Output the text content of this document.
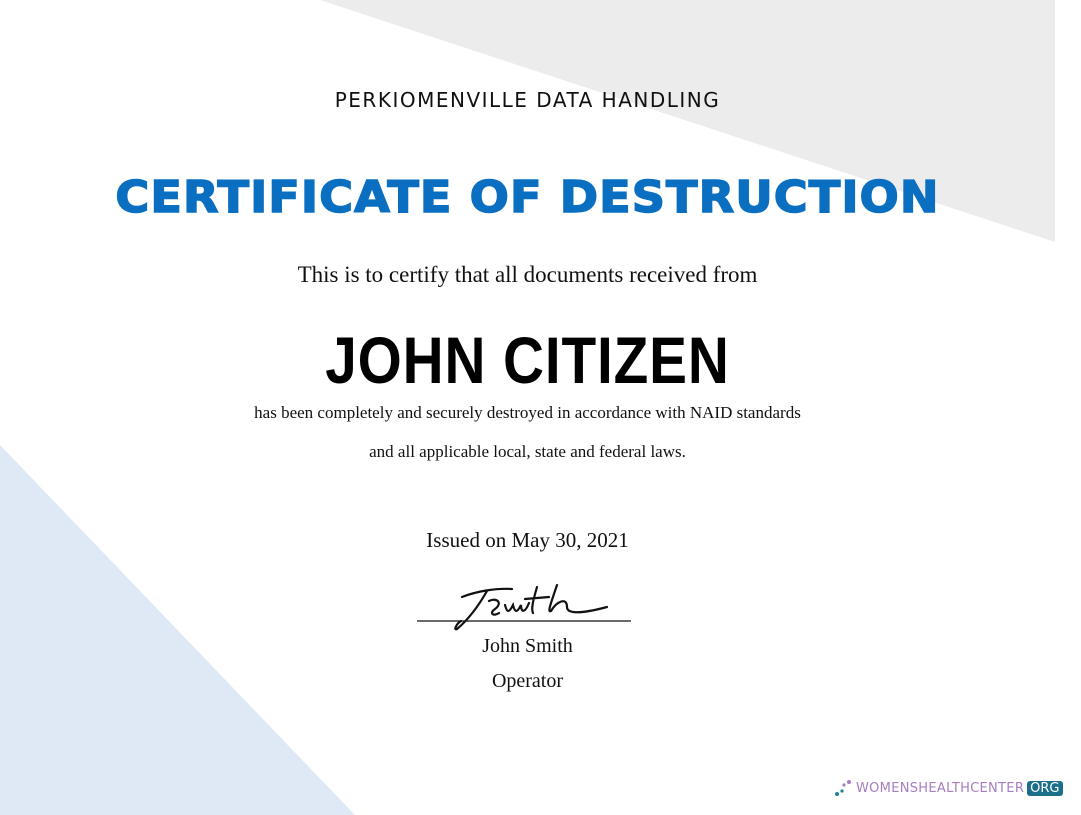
PERKIOMENVILLE DATA HANDLING
CERTIFICATE OF DESTRUCTION
This is to certify that all documents received from
JOHN CITIZEN
has been completely and securely destroyed in accordance with NAID standards
and all applicable local, state and federal laws.
Issued on May 30, 2021
John Smith
Operator
WOMENSHEALTHCENTER ORG
